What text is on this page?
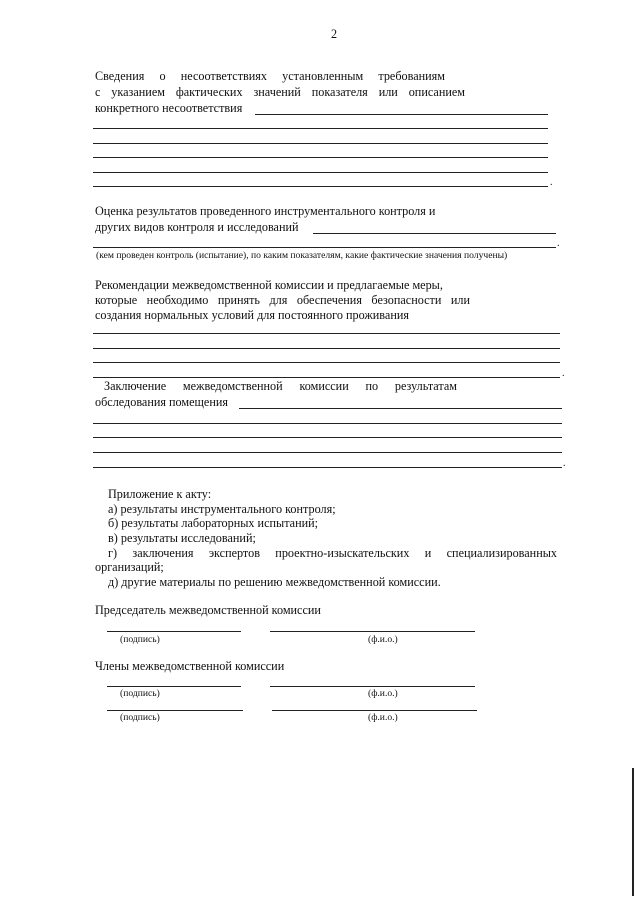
2
Сведения о несоответствиях установленным требованиям
с указанием фактических значений показателя или описанием
конкретного несоответствия
.
Оценка результатов проведенного инструментального контроля и
других видов контроля и исследований
.
(кем проведен контроль (испытание), по каким показателям, какие фактические значения получены)
Рекомендации межведомственной комиссии и предлагаемые меры,
которые необходимо принять для обеспечения безопасности или
создания нормальных условий для постоянного проживания
.
Заключение межведомственной комиссии по результатам
обследования помещения
.
Приложение к акту:
а) результаты инструментального контроля;
б) результаты лабораторных испытаний;
в) результаты исследований;
г) заключения экспертов проектно-изыскательских и специализированных
организаций;
д) другие материалы по решению межведомственной комиссии.
Председатель межведомственной комиссии
(подпись)	(ф.и.о.)
Члены межведомственной комиссии
(подпись)	(ф.и.о.)
(подпись)	(ф.и.о.)
